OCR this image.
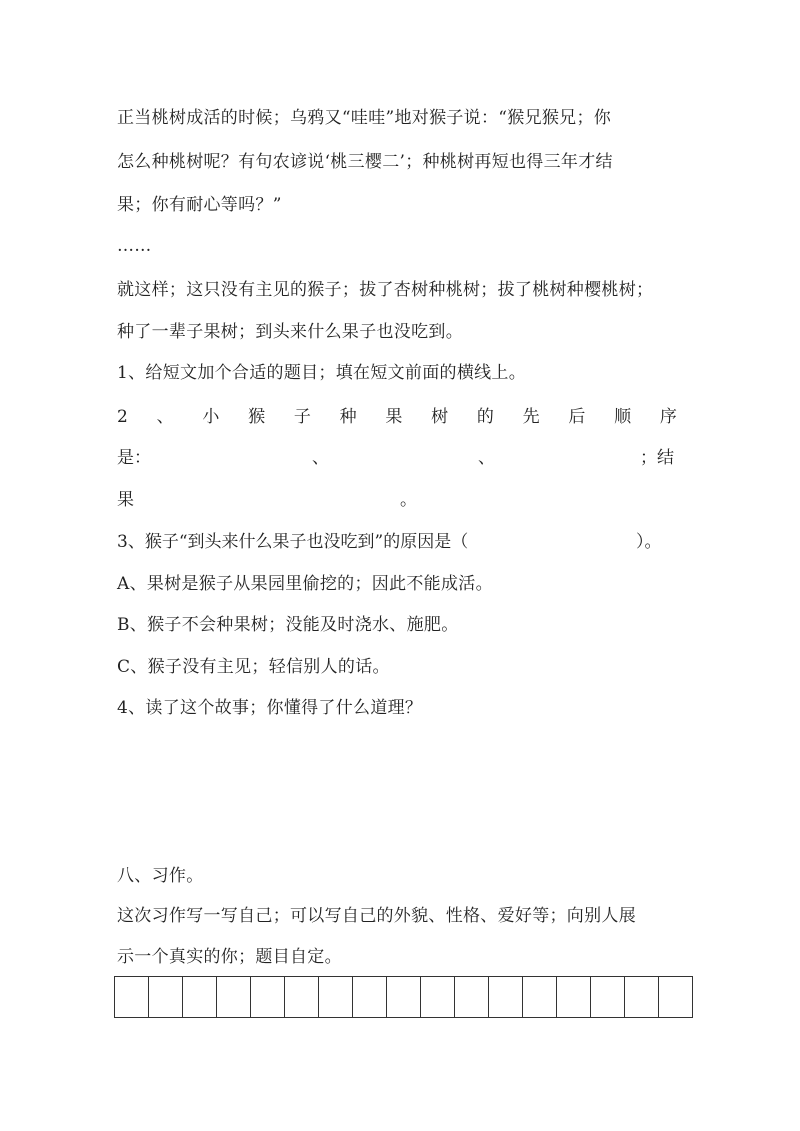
正当桃树成活的时候；乌鸦又“哇哇”地对猴子说：“猴兄猴兄；你
怎么种桃树呢？有句农谚说‘桃三樱二’；种桃树再短也得三年才结
果；你有耐心等吗？”
……
就这样；这只没有主见的猴子；拔了杏树种桃树；拔了桃树种樱桃树；
种了一辈子果树；到头来什么果子也没吃到。
1、给短文加个合适的题目；填在短文前面的横线上。
2 、 小 猴 子 种 果 树 的 先 后 顺 序
是：	、	、	；结
果	。
3、猴子“到头来什么果子也没吃到”的原因是（	）。
A、果树是猴子从果园里偷挖的；因此不能成活。
B、猴子不会种果树；没能及时浇水、施肥。
C、猴子没有主见；轻信别人的话。
4、读了这个故事；你懂得了什么道理？
八、习作。
这次习作写一写自己；可以写自己的外貌、性格、爱好等；向别人展
示一个真实的你；题目自定。
